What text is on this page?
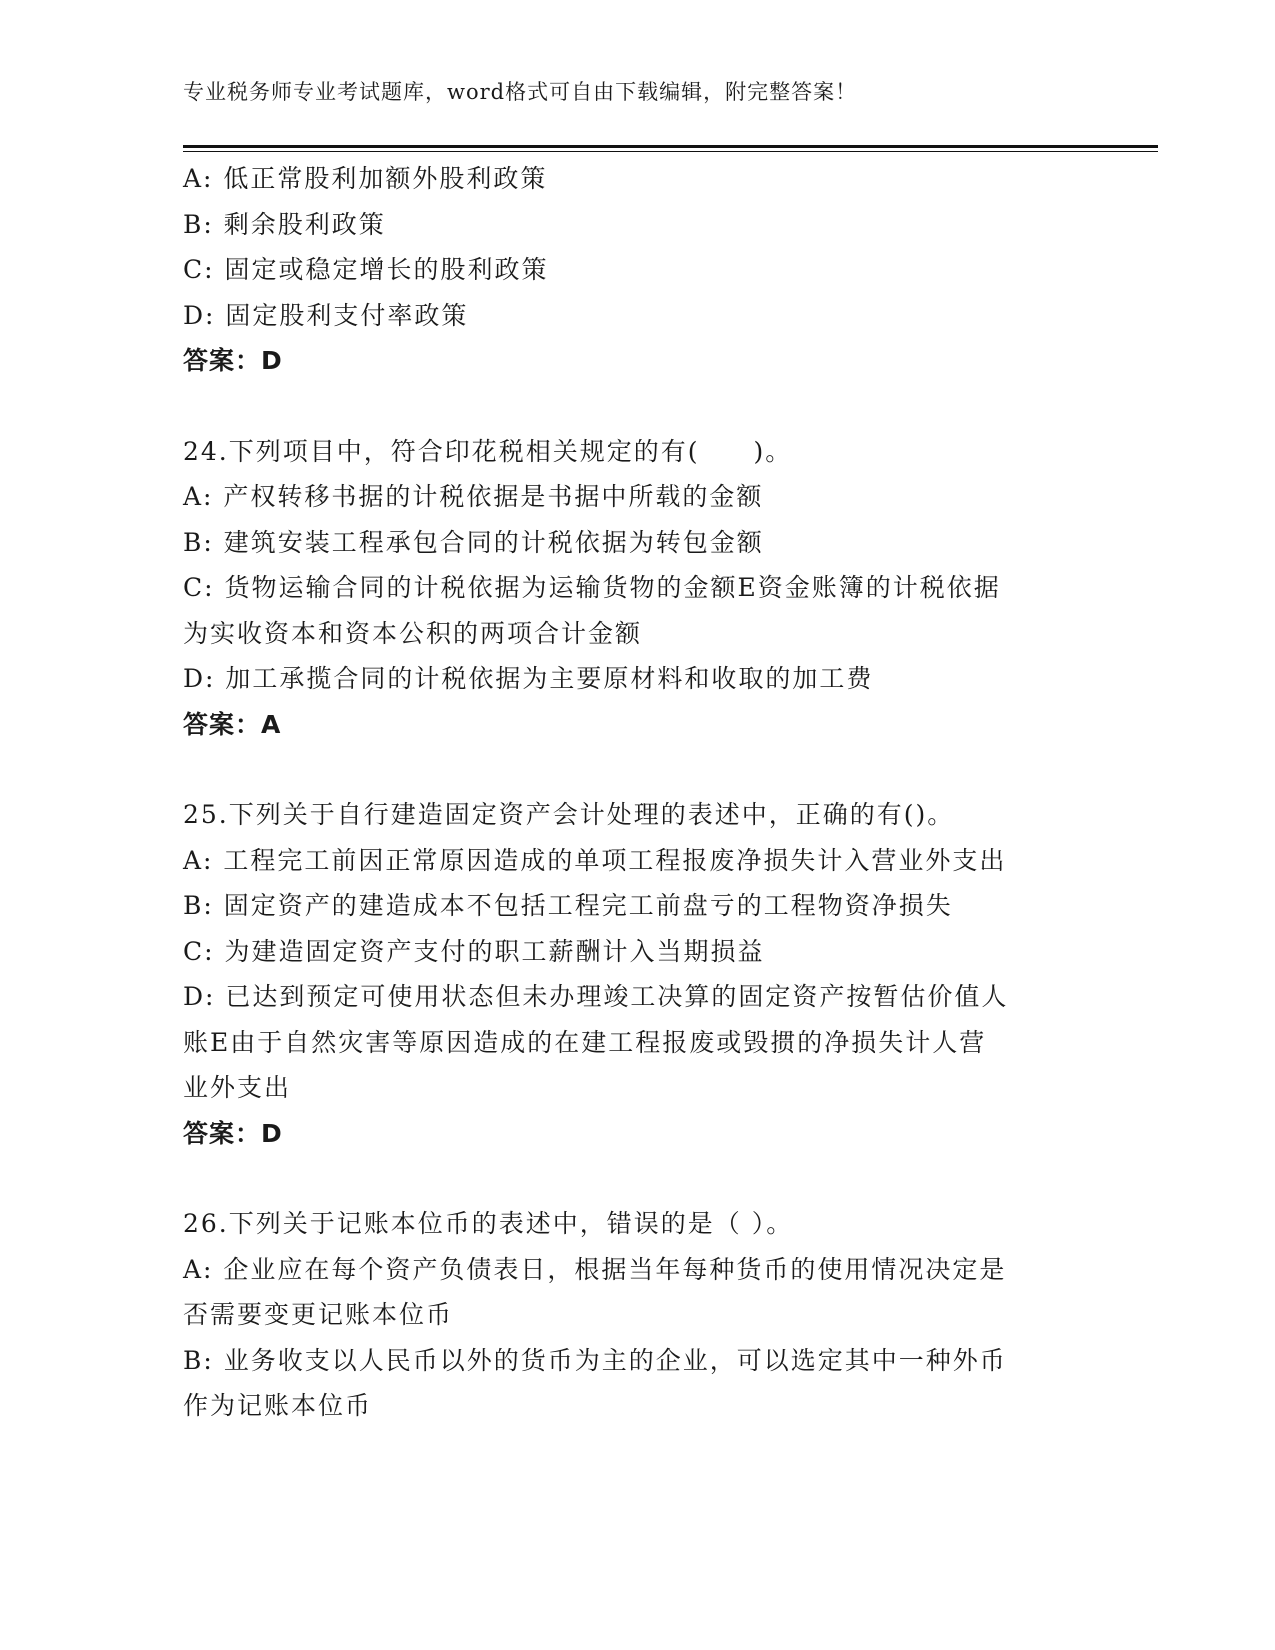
专业税务师专业考试题库，word格式可自由下载编辑，附完整答案！
A: 低正常股利加额外股利政策
B: 剩余股利政策
C: 固定或稳定增长的股利政策
D: 固定股利支付率政策
答案：D
24.下列项目中，符合印花税相关规定的有(　　)。
A: 产权转移书据的计税依据是书据中所载的金额
B: 建筑安装工程承包合同的计税依据为转包金额
C: 货物运输合同的计税依据为运输货物的金额E资金账簿的计税依据
为实收资本和资本公积的两项合计金额
D: 加工承揽合同的计税依据为主要原材料和收取的加工费
答案：A
25.下列关于自行建造固定资产会计处理的表述中，正确的有()。
A: 工程完工前因正常原因造成的单项工程报废净损失计入营业外支出
B: 固定资产的建造成本不包括工程完工前盘亏的工程物资净损失
C: 为建造固定资产支付的职工薪酬计入当期损益
D: 已达到预定可使用状态但未办理竣工决算的固定资产按暂估价值人
账E由于自然灾害等原因造成的在建工程报废或毁掼的净损失计人营
业外支出
答案：D
26.下列关于记账本位币的表述中，错误的是（ ）。
A: 企业应在每个资产负债表日，根据当年每种货币的使用情况决定是
否需要变更记账本位币
B: 业务收支以人民币以外的货币为主的企业，可以选定其中一种外币
作为记账本位币
